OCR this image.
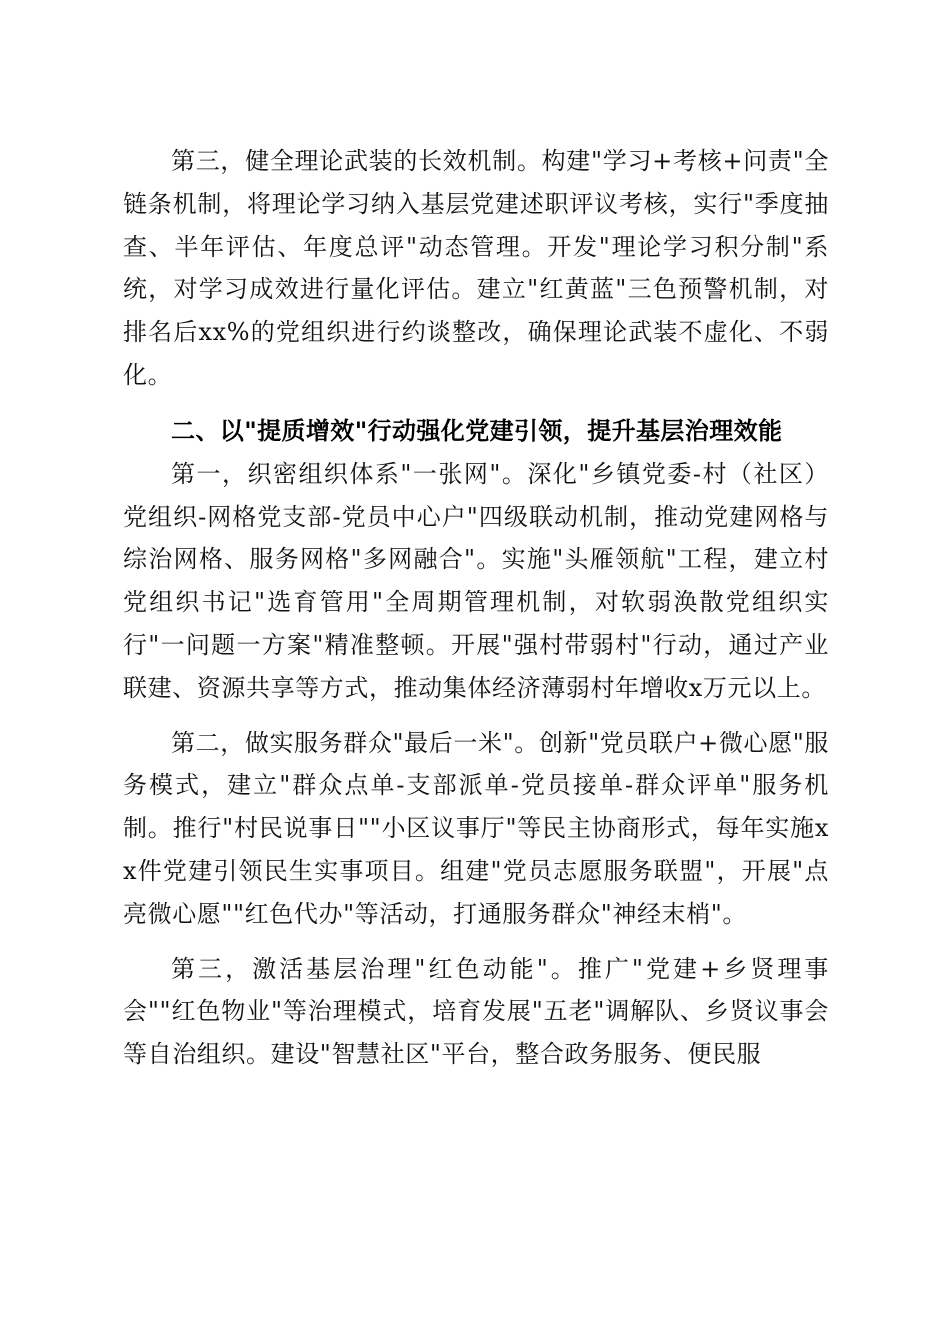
第三，健全理论武装的长效机制。构建"学习+考核+问责"全链条机制，将理论学习纳入基层党建述职评议考核，实行"季度抽查、半年评估、年度总评"动态管理。开发"理论学习积分制"系统，对学习成效进行量化评估。建立"红黄蓝"三色预警机制，对排名后xx%的党组织进行约谈整改，确保理论武装不虚化、不弱化。

二、以"提质增效"行动强化党建引领，提升基层治理效能

第一，织密组织体系"一张网"。深化"乡镇党委-村（社区）党组织-网格党支部-党员中心户"四级联动机制，推动党建网格与综治网格、服务网格"多网融合"。实施"头雁领航"工程，建立村党组织书记"选育管用"全周期管理机制，对软弱涣散党组织实行"一问题一方案"精准整顿。开展"强村带弱村"行动，通过产业联建、资源共享等方式，推动集体经济薄弱村年增收x万元以上。

第二，做实服务群众"最后一米"。创新"党员联户+微心愿"服务模式，建立"群众点单-支部派单-党员接单-群众评单"服务机制。推行"村民说事日""小区议事厅"等民主协商形式，每年实施xx件党建引领民生实事项目。组建"党员志愿服务联盟"，开展"点亮微心愿""红色代办"等活动，打通服务群众"神经末梢"。

第三，激活基层治理"红色动能"。推广"党建+乡贤理事会""红色物业"等治理模式，培育发展"五老"调解队、乡贤议事会等自治组织。建设"智慧社区"平台，整合政务服务、便民服
